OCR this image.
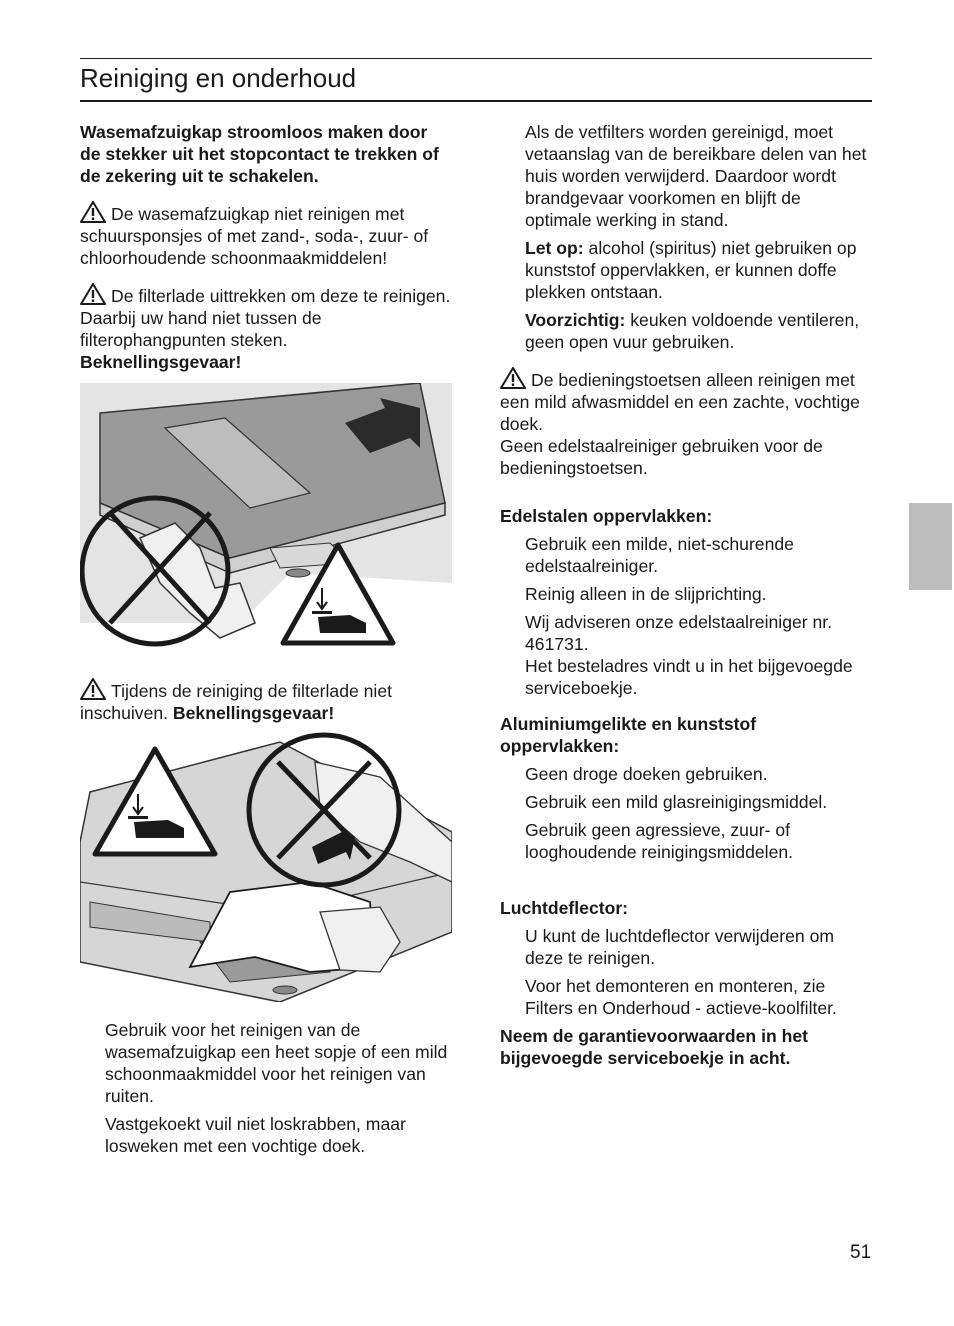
Reiniging en onderhoud

Wasemafzuigkap stroomloos maken door de stekker uit het stopcontact te trekken of de zekering uit te schakelen.

De wasemafzuigkap niet reinigen met schuursponsjes of met zand-, soda-, zuur- of chloorhoudende schoonmaakmiddelen!

De filterlade uittrekken om deze te reinigen. Daarbij uw hand niet tussen de filterophangpunten steken.
Beknellingsgevaar!

Tijdens de reiniging de filterlade niet inschuiven. Beknellingsgevaar!

Gebruik voor het reinigen van de wasemafzuigkap een heet sopje of een mild schoonmaakmiddel voor het reinigen van ruiten.

Vastgekoekt vuil niet loskrabben, maar losweken met een vochtige doek.

Als de vetfilters worden gereinigd, moet vetaanslag van de bereikbare delen van het huis worden verwijderd. Daardoor wordt brandgevaar voorkomen en blijft de optimale werking in stand.

Let op: alcohol (spiritus) niet gebruiken op kunststof oppervlakken, er kunnen doffe plekken ontstaan.

Voorzichtig: keuken voldoende ventileren, geen open vuur gebruiken.

De bedieningstoetsen alleen reinigen met een mild afwasmiddel en een zachte, vochtige doek.
Geen edelstaalreiniger gebruiken voor de bedieningstoetsen.

Edelstalen oppervlakken:

Gebruik een milde, niet-schurende edelstaalreiniger.

Reinig alleen in de slijprichting.

Wij adviseren onze edelstaalreiniger nr. 461731.

Het besteladres vindt u in het bijgevoegde serviceboekje.

Aluminiumgelikte en kunststof oppervlakken:

Geen droge doeken gebruiken.

Gebruik een mild glasreinigingsmiddel.

Gebruik geen agressieve, zuur- of looghoudende reinigingsmiddelen.

Luchtdeflector:

U kunt de luchtdeflector verwijderen om deze te reinigen.

Voor het demonteren en monteren, zie Filters en Onderhoud - actieve-koolfilter.

Neem de garantievoorwaarden in het bijgevoegde serviceboekje in acht.

51
